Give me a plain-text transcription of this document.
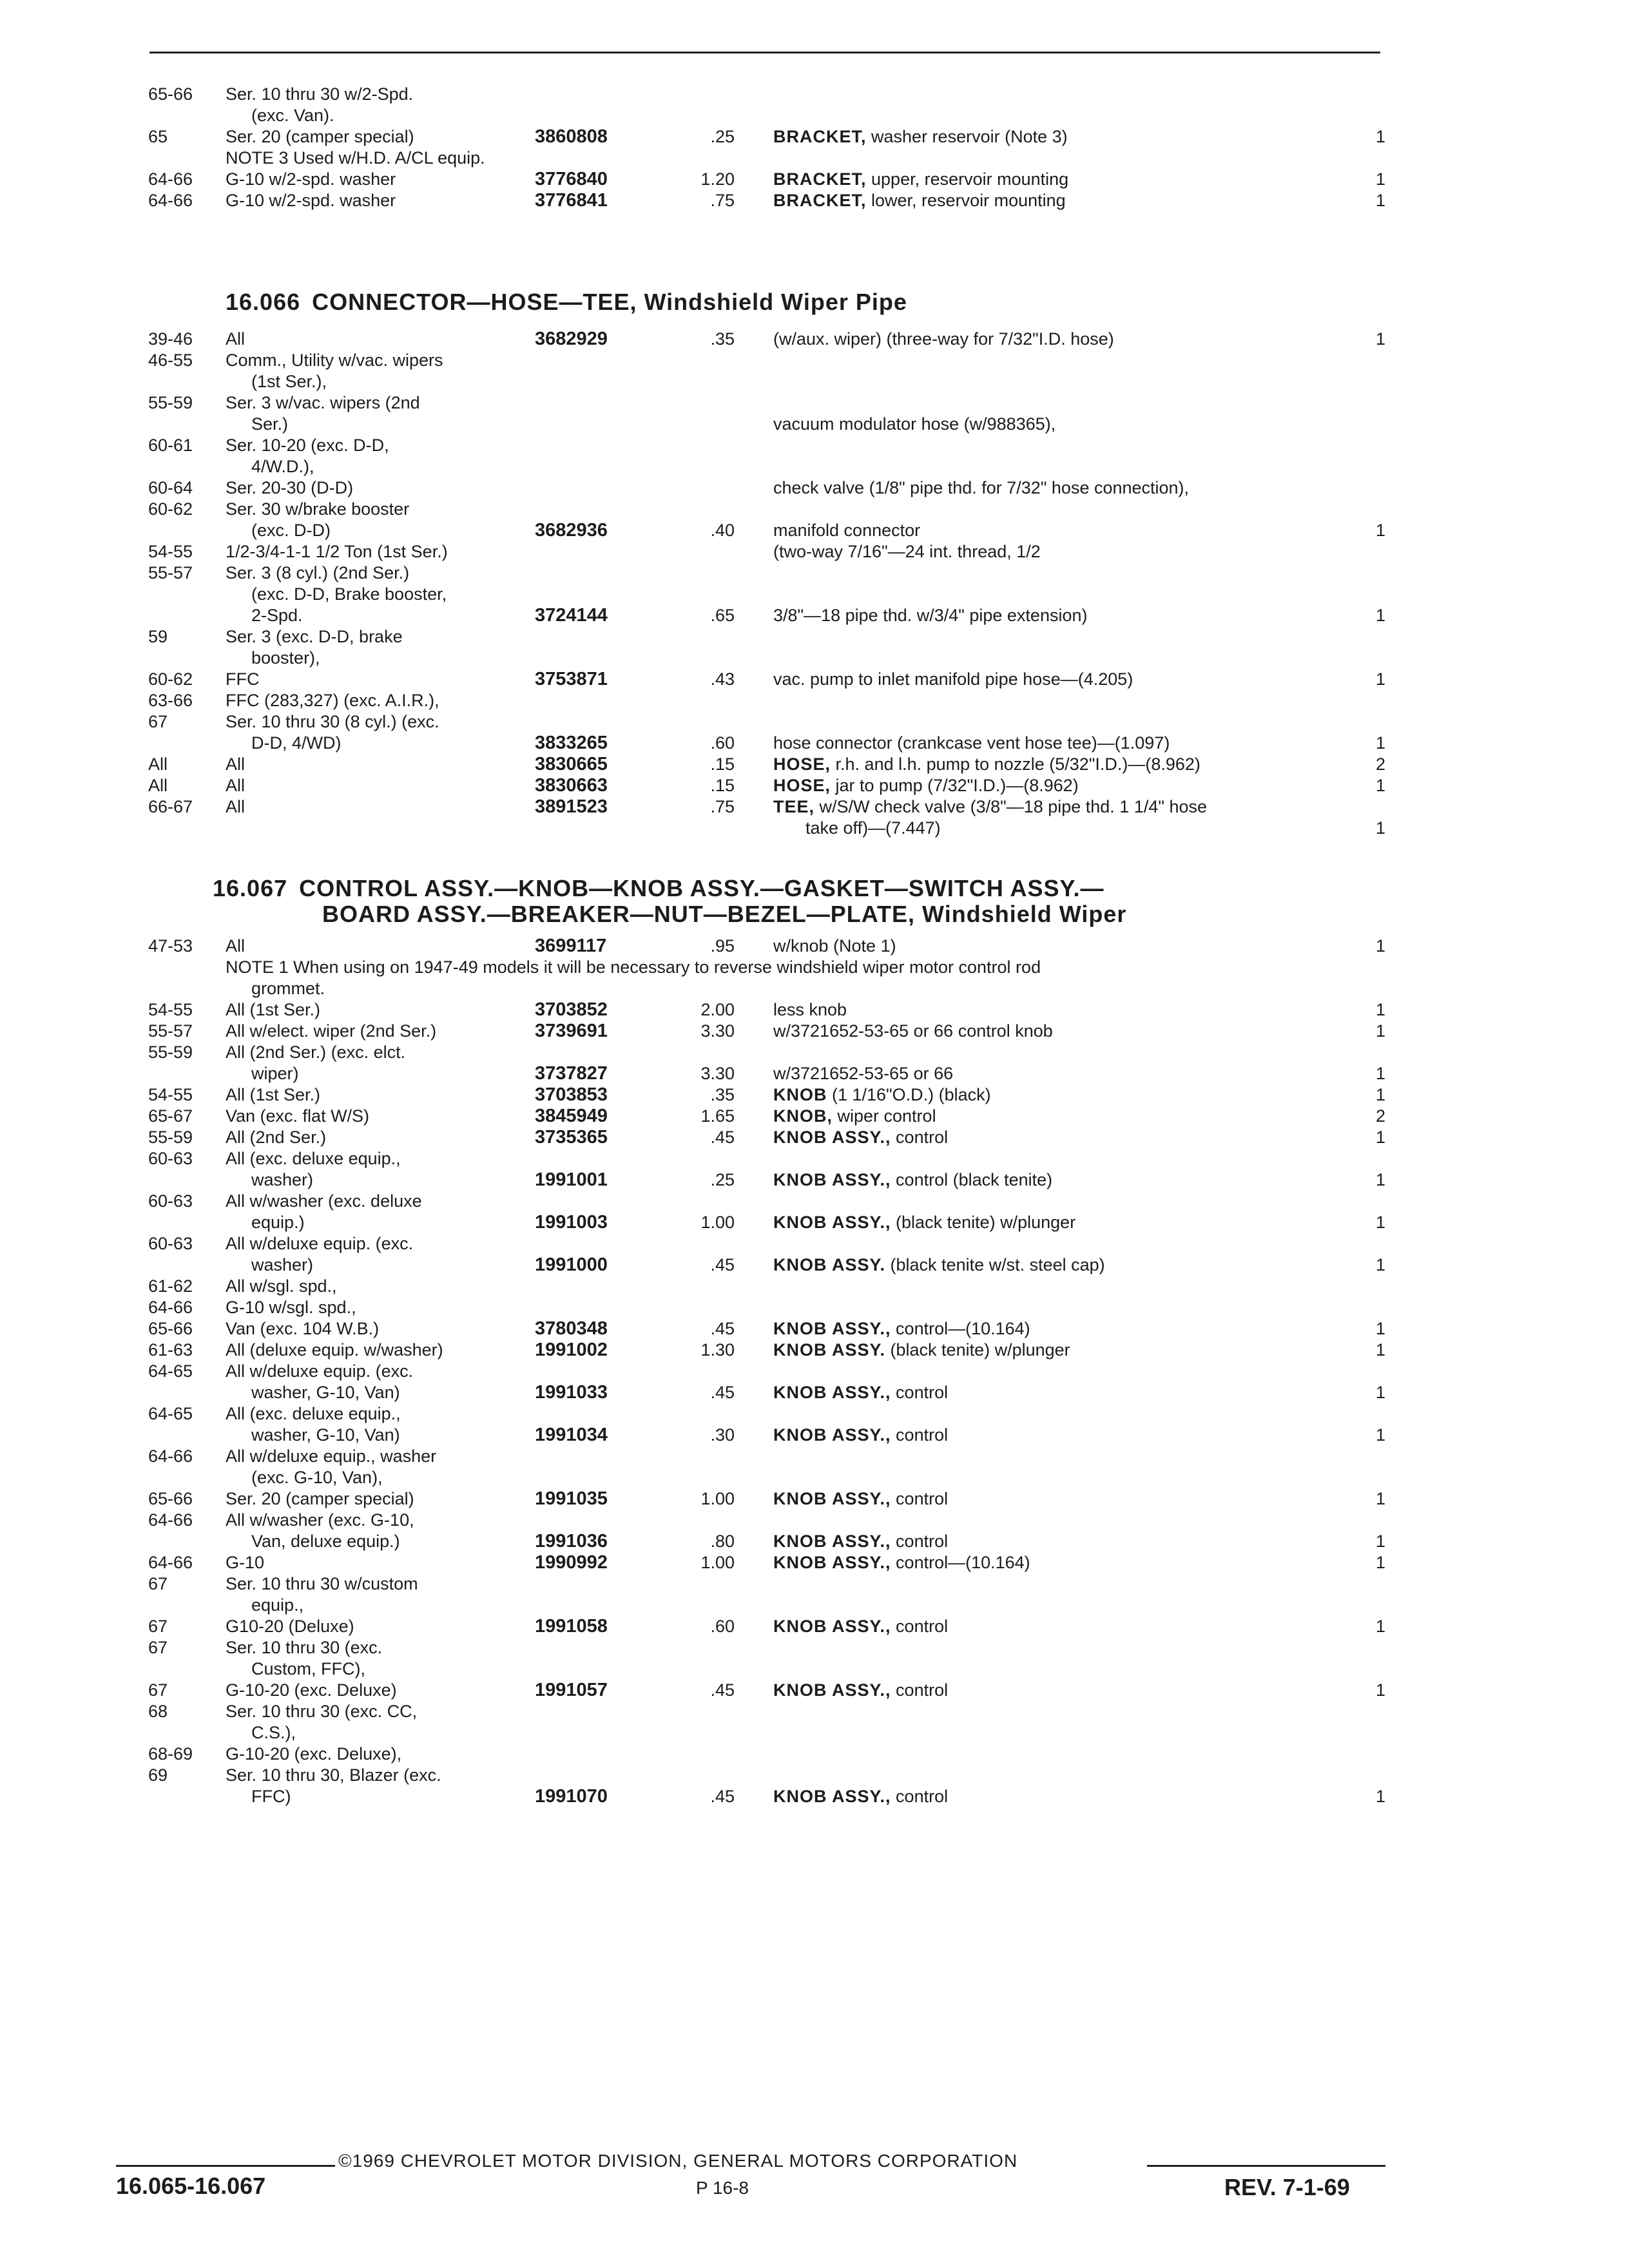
65-66	Ser. 10 thru 30 w/2-Spd.
(exc. Van).
65	Ser. 20 (camper special)	3860808	.25 BRACKET, washer reservoir (Note 3)	1
NOTE 3 Used w/H.D. A/CL equip.
64-66	G-10 w/2-spd. washer	3776840	1.20 BRACKET, upper, reservoir mounting	1
64-66	G-10 w/2-spd. washer	3776841	.75 BRACKET, lower, reservoir mounting	1
16.066 CONNECTOR—HOSE—TEE, Windshield Wiper Pipe
39-46	All	3682929	.35 (w/aux. wiper) (three-way for 7/32"I.D. hose)	1
46-55	Comm., Utility w/vac. wipers
(1st Ser.),
55-59	Ser. 3 w/vac. wipers (2nd
Ser.)	vacuum modulator hose (w/988365),
60-61	Ser. 10-20 (exc. D-D,
4/W.D.),
60-64	Ser. 20-30 (D-D)	check valve (1/8" pipe thd. for 7/32" hose connection),
60-62	Ser. 30 w/brake booster
(exc. D-D)	3682936	.40 manifold connector	1
54-55	1/2-3/4-1-1 1/2 Ton (1st Ser.)	(two-way 7/16"—24 int. thread, 1/2
55-57	Ser. 3 (8 cyl.) (2nd Ser.)
(exc. D-D, Brake booster,
2-Spd.	3724144	.65 3/8"—18 pipe thd. w/3/4" pipe extension)	1
59	Ser. 3 (exc. D-D, brake
booster),
60-62	FFC	3753871	.43 vac. pump to inlet manifold pipe hose—(4.205)	1
63-66	FFC (283,327) (exc. A.I.R.),
67	Ser. 10 thru 30 (8 cyl.) (exc.
D-D, 4/WD)	3833265	.60 hose connector (crankcase vent hose tee)—(1.097)	1
All	All	3830665	.15 HOSE, r.h. and l.h. pump to nozzle (5/32"I.D.)—(8.962)	2
All	All	3830663	.15 HOSE, jar to pump (7/32"I.D.)—(8.962)	1
66-67	All	3891523	.75 TEE, w/S/W check valve (3/8"—18 pipe thd. 1 1/4" hose
take off)—(7.447)	1
16.067 CONTROL ASSY.—KNOB—KNOB ASSY.—GASKET—SWITCH ASSY.—
BOARD ASSY.—BREAKER—NUT—BEZEL—PLATE, Windshield Wiper
47-53	All	3699117	.95 w/knob (Note 1)	1
NOTE 1 When using on 1947-49 models it will be necessary to reverse windshield wiper motor control rod
grommet.
54-55	All (1st Ser.)	3703852	2.00 less knob	1
55-57	All w/elect. wiper (2nd Ser.)	3739691	3.30 w/3721652-53-65 or 66 control knob	1
55-59	All (2nd Ser.) (exc. elct.
wiper)	3737827	3.30 w/3721652-53-65 or 66	1
54-55	All (1st Ser.)	3703853	.35 KNOB (1 1/16"O.D.) (black)	1
65-67	Van (exc. flat W/S)	3845949	1.65 KNOB, wiper control	2
55-59	All (2nd Ser.)	3735365	.45 KNOB ASSY., control	1
60-63	All (exc. deluxe equip.,
washer)	1991001	.25 KNOB ASSY., control (black tenite)	1
60-63	All w/washer (exc. deluxe
equip.)	1991003	1.00 KNOB ASSY., (black tenite) w/plunger	1
60-63	All w/deluxe equip. (exc.
washer)	1991000	.45 KNOB ASSY. (black tenite w/st. steel cap)	1
61-62	All w/sgl. spd.,
64-66	G-10 w/sgl. spd.,
65-66	Van (exc. 104 W.B.)	3780348	.45 KNOB ASSY., control—(10.164)	1
61-63	All (deluxe equip. w/washer)	1991002	1.30 KNOB ASSY. (black tenite) w/plunger	1
64-65	All w/deluxe equip. (exc.
washer, G-10, Van)	1991033	.45 KNOB ASSY., control	1
64-65	All (exc. deluxe equip.,
washer, G-10, Van)	1991034	.30 KNOB ASSY., control	1
64-66	All w/deluxe equip., washer
(exc. G-10, Van),
65-66	Ser. 20 (camper special)	1991035	1.00 KNOB ASSY., control	1
64-66	All w/washer (exc. G-10,
Van, deluxe equip.)	1991036	.80 KNOB ASSY., control	1
64-66	G-10	1990992	1.00 KNOB ASSY., control—(10.164)	1
67	Ser. 10 thru 30 w/custom
equip.,
67	G10-20 (Deluxe)	1991058	.60 KNOB ASSY., control	1
67	Ser. 10 thru 30 (exc.
Custom, FFC),
67	G-10-20 (exc. Deluxe)	1991057	.45 KNOB ASSY., control	1
68	Ser. 10 thru 30 (exc. CC,
C.S.),
68-69	G-10-20 (exc. Deluxe),
69	Ser. 10 thru 30, Blazer (exc.
FFC)	1991070	.45 KNOB ASSY., control	1
©1969 CHEVROLET MOTOR DIVISION, GENERAL MOTORS CORPORATION
16.065-16.067	P 16-8	REV. 7-1-69
